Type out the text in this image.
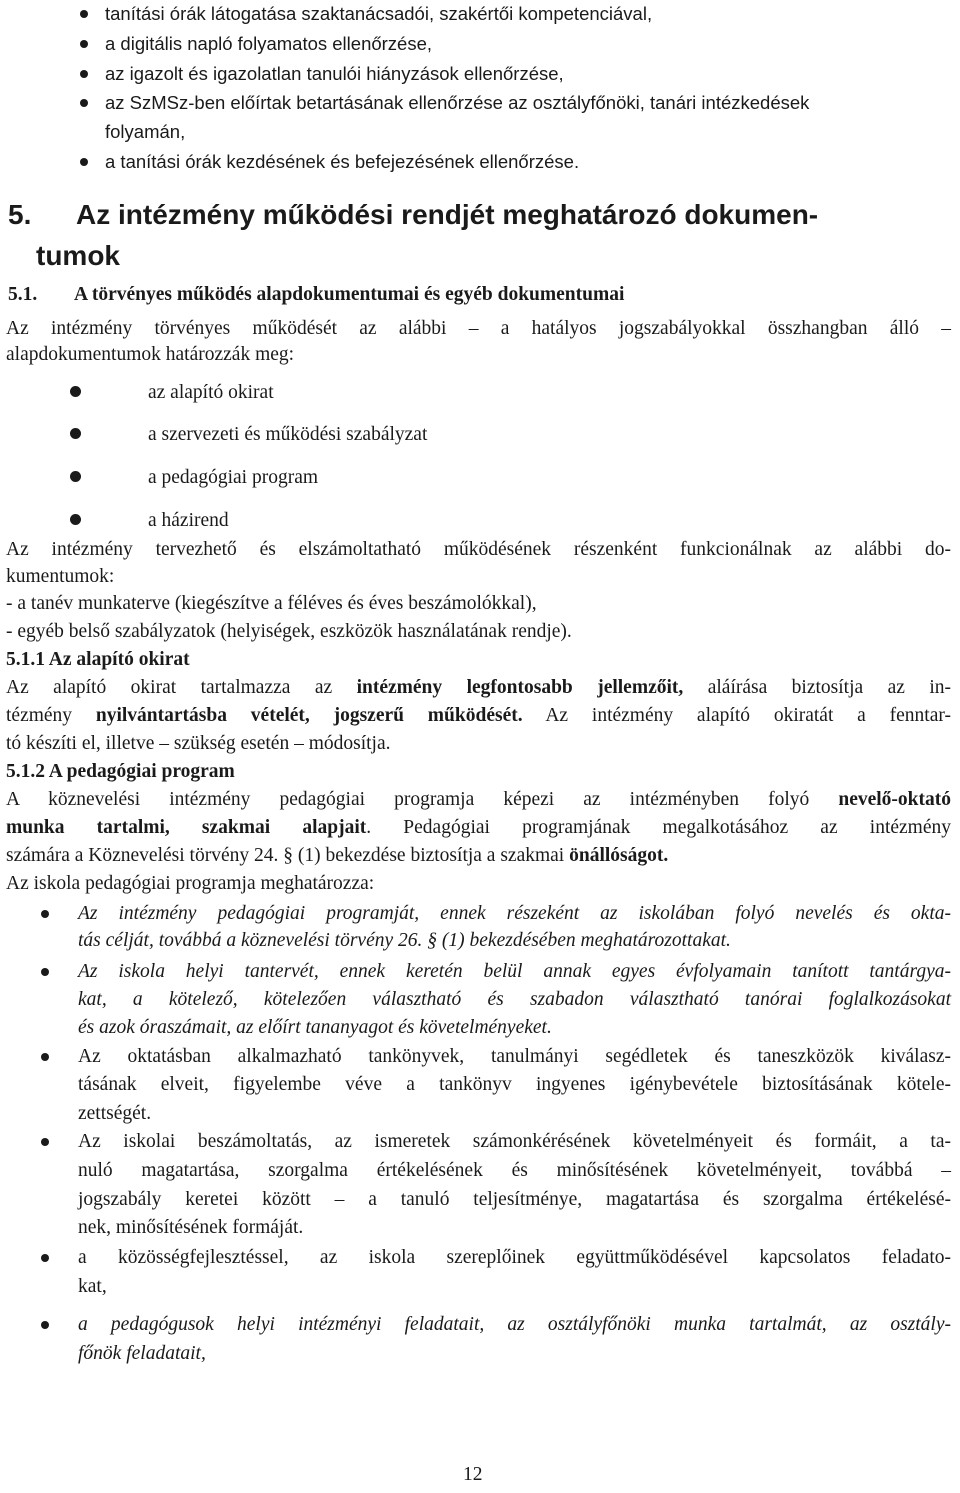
tanítási órák látogatása szaktanácsadói, szakértői kompetenciával,
a digitális napló folyamatos ellenőrzése,
az igazolt és igazolatlan tanulói hiányzások ellenőrzése,
az SzMSz-ben előírtak betartásának ellenőrzése az osztályfőnöki, tanári intézkedések
folyamán,
a tanítási órák kezdésének és befejezésének ellenőrzése.
5. Az intézmény működési rendjét meghatározó dokumen-
tumok
5.1. A törvényes működés alapdokumentumai és egyéb dokumentumai
Az intézmény törvényes működését az alábbi – a hatályos jogszabályokkal összhangban álló –
alapdokumentumok határozzák meg:
az alapító okirat
a szervezeti és működési szabályzat
a pedagógiai program
a házirend
Az intézmény tervezhető és elszámoltatható működésének részenként funkcionálnak az alábbi do-
kumentumok:
- a tanév munkaterve (kiegészítve a féléves és éves beszámolókkal),
- egyéb belső szabályzatok (helyiségek, eszközök használatának rendje).
5.1.1 Az alapító okirat
Az alapító okirat tartalmazza az intézmény legfontosabb jellemzőit, aláírása biztosítja az in-
tézmény nyilvántartásba vételét, jogszerű működését. Az intézmény alapító okiratát a fenntar-
tó készíti el, illetve – szükség esetén – módosítja.
5.1.2 A pedagógiai program
A köznevelési intézmény pedagógiai programja képezi az intézményben folyó nevelő-oktató
munka tartalmi, szakmai alapjait. Pedagógiai programjának megalkotásához az intézmény
számára a Köznevelési törvény 24. § (1) bekezdése biztosítja a szakmai önállóságot.
Az iskola pedagógiai programja meghatározza:
Az intézmény pedagógiai programját, ennek részeként az iskolában folyó nevelés és okta-
tás célját, továbbá a köznevelési törvény 26. § (1) bekezdésében meghatározottakat.
Az iskola helyi tantervét, ennek keretén belül annak egyes évfolyamain tanított tantárgya-
kat, a kötelező, kötelezően választható és szabadon választható tanórai foglalkozásokat
és azok óraszámait, az előírt tananyagot és követelményeket.
Az oktatásban alkalmazható tankönyvek, tanulmányi segédletek és taneszközök kiválasz-
tásának elveit, figyelembe véve a tankönyv ingyenes igénybevétele biztosításának kötele-
zettségét.
Az iskolai beszámoltatás, az ismeretek számonkérésének követelményeit és formáit, a ta-
nuló magatartása, szorgalma értékelésének és minősítésének követelményeit, továbbá –
jogszabály keretei között – a tanuló teljesítménye, magatartása és szorgalma értékelésé-
nek, minősítésének formáját.
a közösségfejlesztéssel, az iskola szereplőinek együttműködésével kapcsolatos feladato-
kat,
a pedagógusok helyi intézményi feladatait, az osztályfőnöki munka tartalmát, az osztály-
főnök feladatait,
12
